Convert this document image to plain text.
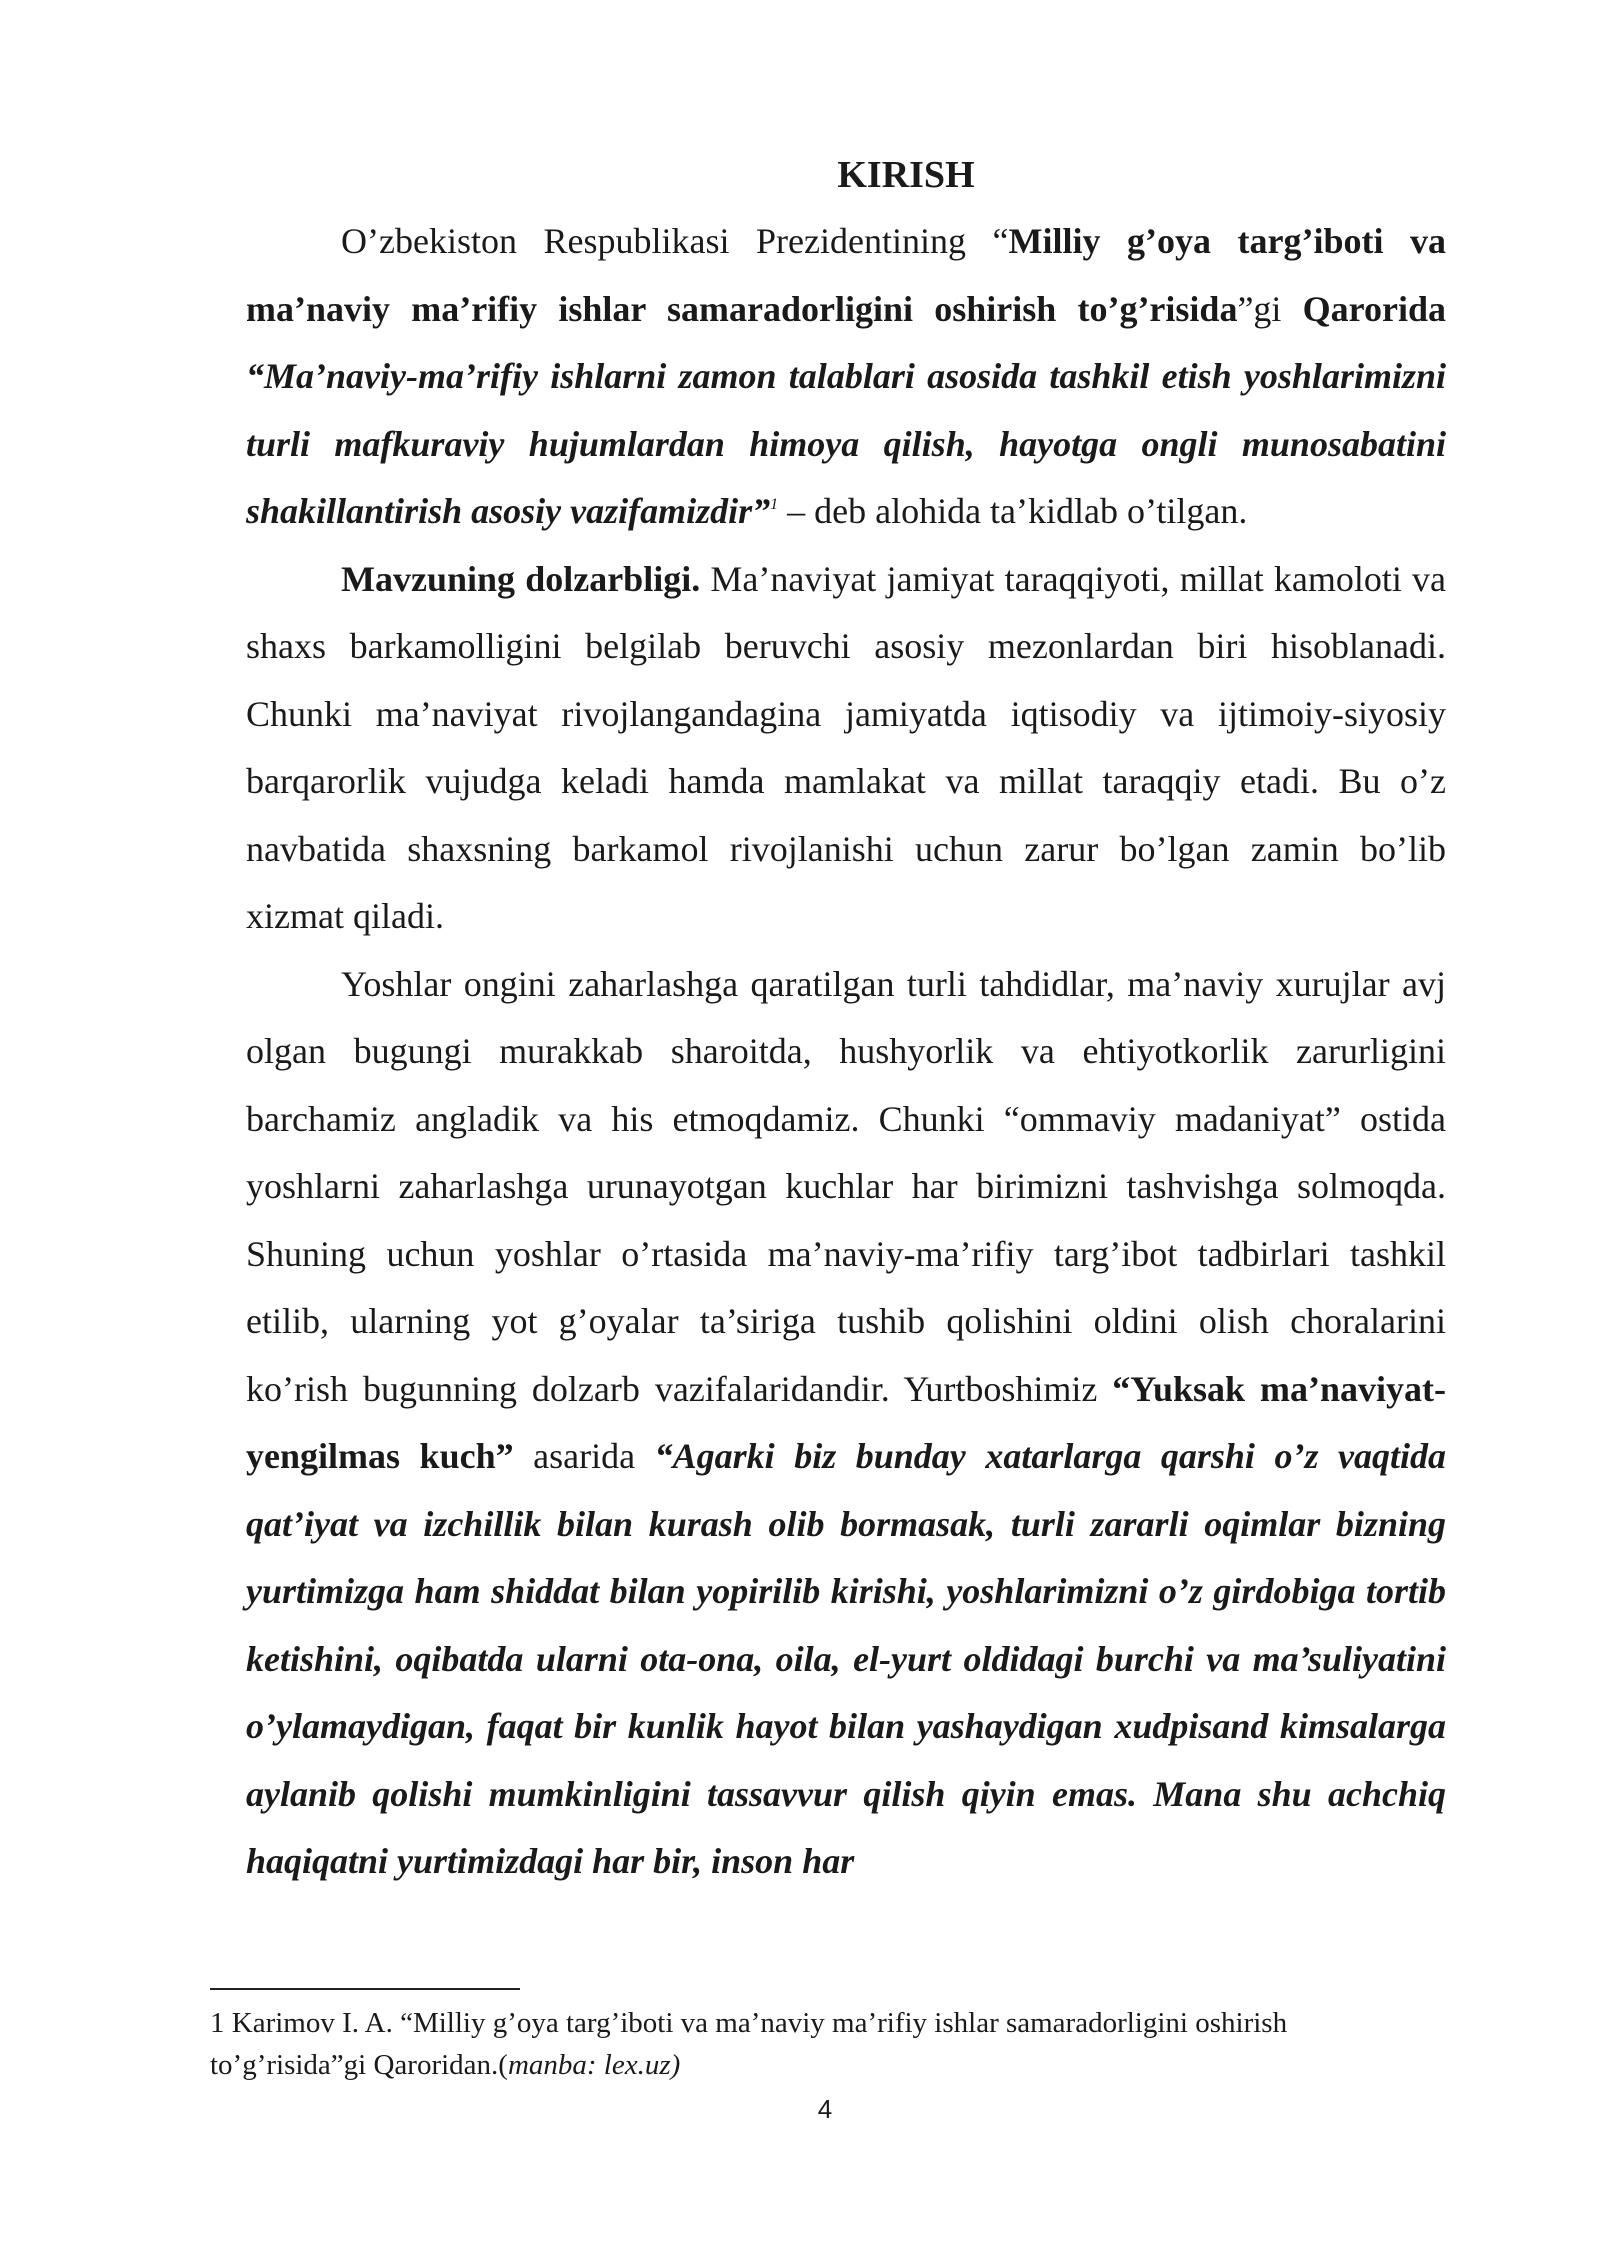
KIRISH

O’zbekiston Respublikasi Prezidentining “Milliy g’oya targ’iboti va ma’naviy ma’rifiy ishlar samaradorligini oshirish to’g’risida”gi Qarorida “Ma’naviy-ma’rifiy ishlarni zamon talablari asosida tashkil etish yoshlarimizni turli mafkuraviy hujumlardan himoya qilish, hayotga ongli munosabatini shakillantirish asosiy vazifamizdir”$^1$ – deb alohida ta’kidlab o’tilgan.

Mavzuning dolzarbligi. Ma’naviyat jamiyat taraqqiyoti, millat kamoloti va shaxs barkamolligini belgilab beruvchi asosiy mezonlardan biri hisoblanadi. Chunki ma’naviyat rivojlangandagina jamiyatda iqtisodiy va ijtimoiy-siyosiy barqarorlik vujudga keladi hamda mamlakat va millat taraqqiy etadi. Bu o’z navbatida shaxsning barkamol rivojlanishi uchun zarur bo’lgan zamin bo’lib xizmat qiladi.

Yoshlar ongini zaharlashga qaratilgan turli tahdidlar, ma’naviy xurujlar avj olgan bugungi murakkab sharoitda, hushyorlik va ehtiyotkorlik zarurligini barchamiz angladik va his etmoqdamiz. Chunki “ommaviy madaniyat” ostida yoshlarni zaharlashga urunayotgan kuchlar har birimizni tashvishga solmoqda. Shuning uchun yoshlar o’rtasida ma’naviy-ma’rifiy targ’ibot tadbirlari tashkil etilib, ularning yot g’oyalar ta’siriga tushib qolishini oldini olish choralarini ko’rish bugunning dolzarb vazifalaridandir. Yurtboshimiz “Yuksak ma’naviyat-yengilmas kuch” asarida “Agarki biz bunday xatarlarga qarshi o’z vaqtida qat’iyat va izchillik bilan kurash olib bormasak, turli zararli oqimlar bizning yurtimizga ham shiddat bilan yopirilib kirishi, yoshlarimizni o’z girdobiga tortib ketishini, oqibatda ularni ota-ona, oila, el-yurt oldidagi burchi va ma’suliyatini o’ylamaydigan, faqat bir kunlik hayot bilan yashaydigan xudpisand kimsalarga aylanib qolishi mumkinligini tassavvur qilish qiyin emas. Mana shu achchiq haqiqatni yurtimizdagi har bir, inson har

1 Karimov I. A. “Milliy g’oya targ’iboti va ma’naviy ma’rifiy ishlar samaradorligini oshirish to’g’risida”gi Qaroridan.(manba: lex.uz)
4
